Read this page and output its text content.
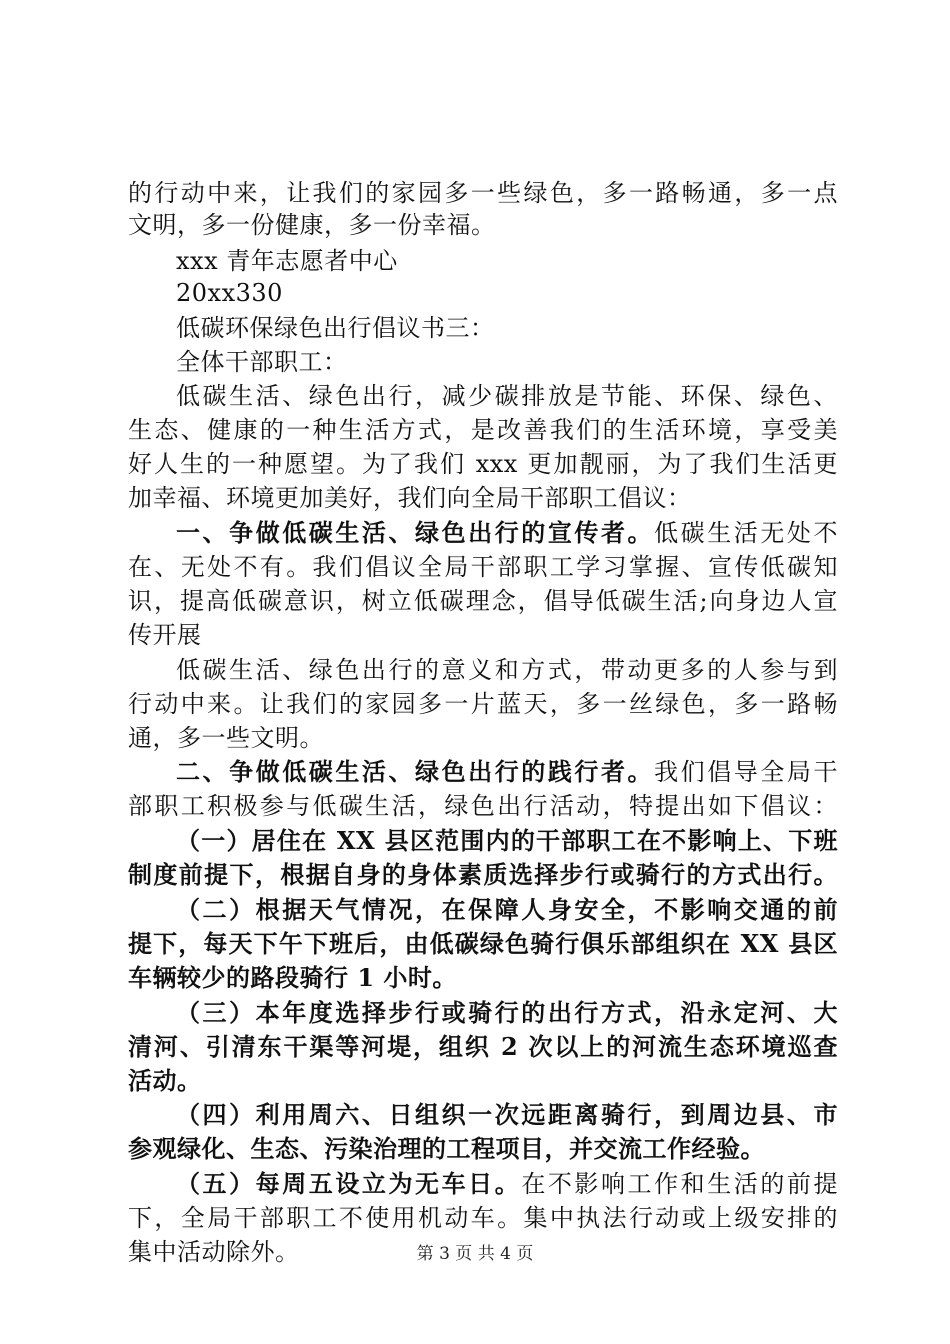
的行动中来，让我们的家园多一些绿色，多一路畅通，多一点
文明，多一份健康，多一份幸福。
xxx 青年志愿者中心
20xx330
低碳环保绿色出行倡议书三：
全体干部职工：
低碳生活、绿色出行，减少碳排放是节能、环保、绿色、
生态、健康的一种生活方式，是改善我们的生活环境，享受美
好人生的一种愿望。为了我们 xxx 更加靓丽，为了我们生活更
加幸福、环境更加美好，我们向全局干部职工倡议：
一、争做低碳生活、绿色出行的宣传者。低碳生活无处不
在、无处不有。我们倡议全局干部职工学习掌握、宣传低碳知
识，提高低碳意识，树立低碳理念，倡导低碳生活;向身边人宣
传开展
低碳生活、绿色出行的意义和方式，带动更多的人参与到
行动中来。让我们的家园多一片蓝天，多一丝绿色，多一路畅
通，多一些文明。
二、争做低碳生活、绿色出行的践行者。我们倡导全局干
部职工积极参与低碳生活，绿色出行活动，特提出如下倡议：
（一）居住在 XX 县区范围内的干部职工在不影响上、下班
制度前提下，根据自身的身体素质选择步行或骑行的方式出行。
（二）根据天气情况，在保障人身安全，不影响交通的前
提下，每天下午下班后，由低碳绿色骑行俱乐部组织在 XX 县区
车辆较少的路段骑行 1 小时。
（三）本年度选择步行或骑行的出行方式，沿永定河、大
清河、引清东干渠等河堤，组织 2 次以上的河流生态环境巡查
活动。
（四）利用周六、日组织一次远距离骑行，到周边县、市
参观绿化、生态、污染治理的工程项目，并交流工作经验。
（五）每周五设立为无车日。在不影响工作和生活的前提
下，全局干部职工不使用机动车。集中执法行动或上级安排的
集中活动除外。	第 3 页 共 4 页
